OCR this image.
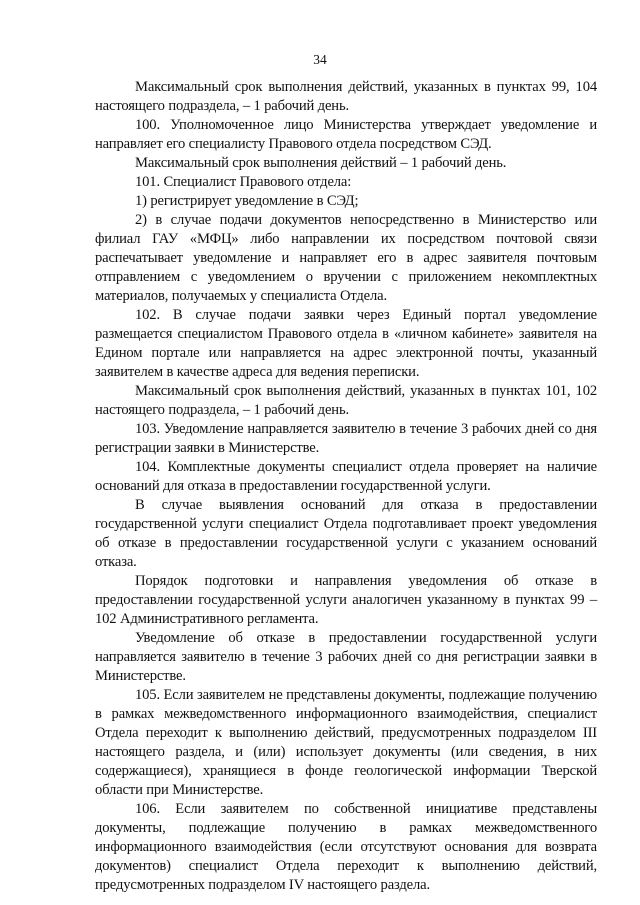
34

Максимальный срок выполнения действий, указанных в пунктах 99, 104 настоящего подраздела, – 1 рабочий день.

100. Уполномоченное лицо Министерства утверждает уведомление и направляет его специалисту Правового отдела посредством СЭД.

Максимальный срок выполнения действий – 1 рабочий день.

101. Специалист Правового отдела:

1) регистрирует уведомление в СЭД;

2) в случае подачи документов непосредственно в Министерство или филиал ГАУ «МФЦ» либо направлении их посредством почтовой связи распечатывает уведомление и направляет его в адрес заявителя почтовым отправлением с уведомлением о вручении с приложением некомплектных материалов, получаемых у специалиста Отдела.

102. В случае подачи заявки через Единый портал уведомление размещается специалистом Правового отдела в «личном кабинете» заявителя на Едином портале или направляется на адрес электронной почты, указанный заявителем в качестве адреса для ведения переписки.

Максимальный срок выполнения действий, указанных в пунктах 101, 102 настоящего подраздела, – 1 рабочий день.

103. Уведомление направляется заявителю в течение 3 рабочих дней со дня регистрации заявки в Министерстве.

104. Комплектные документы специалист отдела проверяет на наличие оснований для отказа в предоставлении государственной услуги.

В случае выявления оснований для отказа в предоставлении государственной услуги специалист Отдела подготавливает проект уведомления об отказе в предоставлении государственной услуги с указанием оснований отказа.

Порядок подготовки и направления уведомления об отказе в предоставлении государственной услуги аналогичен указанному в пунктах 99 – 102 Административного регламента.

Уведомление об отказе в предоставлении государственной услуги направляется заявителю в течение 3 рабочих дней со дня регистрации заявки в Министерстве.

105. Если заявителем не представлены документы, подлежащие получению в рамках межведомственного информационного взаимодействия, специалист Отдела переходит к выполнению действий, предусмотренных подразделом III настоящего раздела, и (или) использует документы (или сведения, в них содержащиеся), хранящиеся в фонде геологической информации Тверской области при Министерстве.

106. Если заявителем по собственной инициативе представлены документы, подлежащие получению в рамках межведомственного информационного взаимодействия (если отсутствуют основания для возврата документов) специалист Отдела переходит к выполнению действий, предусмотренных подразделом IV настоящего раздела.
